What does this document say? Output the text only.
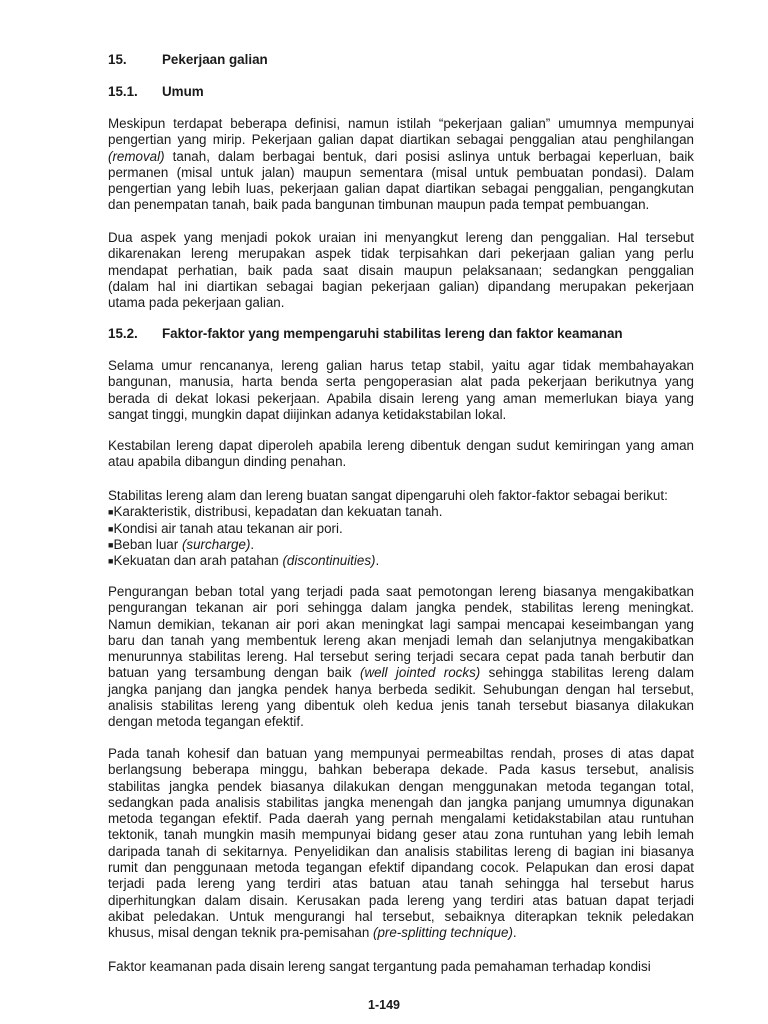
15.	Pekerjaan galian
15.1. Umum
Meskipun terdapat beberapa definisi, namun istilah “pekerjaan galian” umumnya mempunyai
pengertian yang mirip. Pekerjaan galian dapat diartikan sebagai penggalian atau penghilangan
(removal) tanah, dalam berbagai bentuk, dari posisi aslinya untuk berbagai keperluan, baik
permanen (misal untuk jalan) maupun sementara (misal untuk pembuatan pondasi). Dalam
pengertian yang lebih luas, pekerjaan galian dapat diartikan sebagai penggalian, pengangkutan
dan penempatan tanah, baik pada bangunan timbunan maupun pada tempat pembuangan.
Dua aspek yang menjadi pokok uraian ini menyangkut lereng dan penggalian. Hal tersebut
dikarenakan lereng merupakan aspek tidak terpisahkan dari pekerjaan galian yang perlu
mendapat perhatian, baik pada saat disain maupun pelaksanaan; sedangkan penggalian
(dalam hal ini diartikan sebagai bagian pekerjaan galian) dipandang merupakan pekerjaan
utama pada pekerjaan galian.
15.2. Faktor-faktor yang mempengaruhi stabilitas lereng dan faktor keamanan
Selama umur rencananya, lereng galian harus tetap stabil, yaitu agar tidak membahayakan
bangunan, manusia, harta benda serta pengoperasian alat pada pekerjaan berikutnya yang
berada di dekat lokasi pekerjaan. Apabila disain lereng yang aman memerlukan biaya yang
sangat tinggi, mungkin dapat diijinkan adanya ketidakstabilan lokal.
Kestabilan lereng dapat diperoleh apabila lereng dibentuk dengan sudut kemiringan yang aman
atau apabila dibangun dinding penahan.
Stabilitas lereng alam dan lereng buatan sangat dipengaruhi oleh faktor-faktor sebagai berikut:
■Karakteristik, distribusi, kepadatan dan kekuatan tanah.
■Kondisi air tanah atau tekanan air pori.
■Beban luar (surcharge).
■Kekuatan dan arah patahan (discontinuities).
Pengurangan beban total yang terjadi pada saat pemotongan lereng biasanya mengakibatkan
pengurangan tekanan air pori sehingga dalam jangka pendek, stabilitas lereng meningkat.
Namun demikian, tekanan air pori akan meningkat lagi sampai mencapai keseimbangan yang
baru dan tanah yang membentuk lereng akan menjadi lemah dan selanjutnya mengakibatkan
menurunnya stabilitas lereng. Hal tersebut sering terjadi secara cepat pada tanah berbutir dan
batuan yang tersambung dengan baik (well jointed rocks) sehingga stabilitas lereng dalam
jangka panjang dan jangka pendek hanya berbeda sedikit. Sehubungan dengan hal tersebut,
analisis stabilitas lereng yang dibentuk oleh kedua jenis tanah tersebut biasanya dilakukan
dengan metoda tegangan efektif.
Pada tanah kohesif dan batuan yang mempunyai permeabiltas rendah, proses di atas dapat
berlangsung beberapa minggu, bahkan beberapa dekade. Pada kasus tersebut, analisis
stabilitas jangka pendek biasanya dilakukan dengan menggunakan metoda tegangan total,
sedangkan pada analisis stabilitas jangka menengah dan jangka panjang umumnya digunakan
metoda tegangan efektif. Pada daerah yang pernah mengalami ketidakstabilan atau runtuhan
tektonik, tanah mungkin masih mempunyai bidang geser atau zona runtuhan yang lebih lemah
daripada tanah di sekitarnya. Penyelidikan dan analisis stabilitas lereng di bagian ini biasanya
rumit dan penggunaan metoda tegangan efektif dipandang cocok. Pelapukan dan erosi dapat
terjadi pada lereng yang terdiri atas batuan atau tanah sehingga hal tersebut harus
diperhitungkan dalam disain. Kerusakan pada lereng yang terdiri atas batuan dapat terjadi
akibat peledakan. Untuk mengurangi hal tersebut, sebaiknya diterapkan teknik peledakan
khusus, misal dengan teknik pra-pemisahan (pre-splitting technique).
Faktor keamanan pada disain lereng sangat tergantung pada pemahaman terhadap kondisi
1-149
